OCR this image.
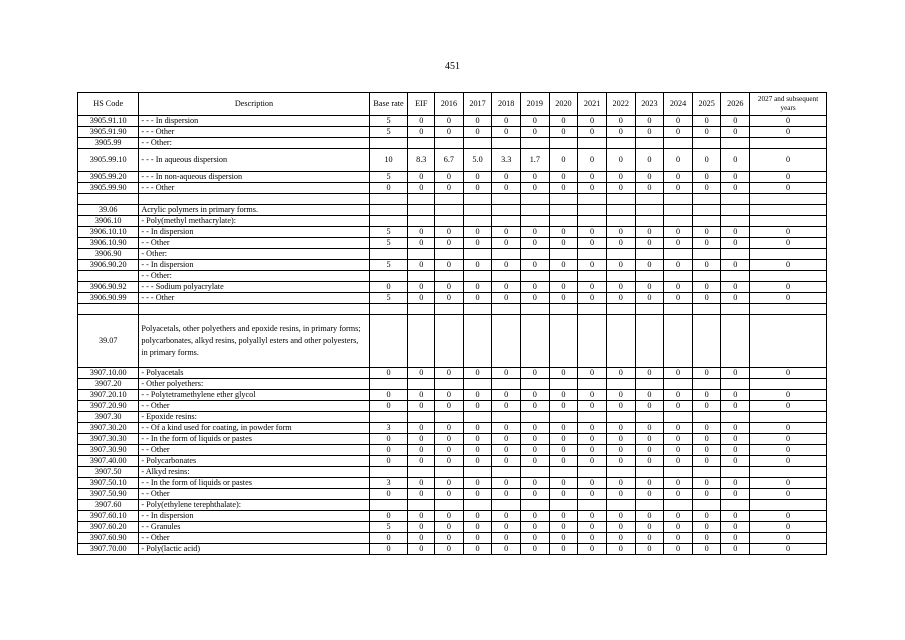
451
HS Code	Description	Base rate	EIF	2016	2017	2018	2019	2020	2021	2022	2023	2024	2025	2026	2027 and subsequent years
3905.91.10	- - - In dispersion	5	0	0	0	0	0	0	0	0	0	0	0	0	0
3905.91.90	- - - Other	5	0	0	0	0	0	0	0	0	0	0	0	0	0
3905.99	- - Other:														
3905.99.10	- - - In aqueous dispersion	10	8.3	6.7	5.0	3.3	1.7	0	0	0	0	0	0	0	0
3905.99.20	- - - In non-aqueous dispersion	5	0	0	0	0	0	0	0	0	0	0	0	0	0
3905.99.90	- - - Other	0	0	0	0	0	0	0	0	0	0	0	0	0	0

39.06	Acrylic polymers in primary forms.														
3906.10	- Poly(methyl methacrylate):														
3906.10.10	- - In dispersion	5	0	0	0	0	0	0	0	0	0	0	0	0	0
3906.10.90	- - Other	5	0	0	0	0	0	0	0	0	0	0	0	0	0
3906.90	- Other:														
3906.90.20	- - In dispersion	5	0	0	0	0	0	0	0	0	0	0	0	0	0
	- - Other:														
3906.90.92	- - - Sodium polyacrylate	0	0	0	0	0	0	0	0	0	0	0	0	0	0
3906.90.99	- - - Other	5	0	0	0	0	0	0	0	0	0	0	0	0	0

39.07	Polyacetals, other polyethers and epoxide resins, in primary forms; polycarbonates, alkyd resins, polyallyl esters and other polyesters, in primary forms.														
3907.10.00	- Polyacetals	0	0	0	0	0	0	0	0	0	0	0	0	0	0
3907.20	- Other polyethers:														
3907.20.10	- - Polytetramethylene ether glycol	0	0	0	0	0	0	0	0	0	0	0	0	0	0
3907.20.90	- - Other	0	0	0	0	0	0	0	0	0	0	0	0	0	0
3907.30	- Epoxide resins:														
3907.30.20	- - Of a kind used for coating, in powder form	3	0	0	0	0	0	0	0	0	0	0	0	0	0
3907.30.30	- - In the form of liquids or pastes	0	0	0	0	0	0	0	0	0	0	0	0	0	0
3907.30.90	- - Other	0	0	0	0	0	0	0	0	0	0	0	0	0	0
3907.40.00	- Polycarbonates	0	0	0	0	0	0	0	0	0	0	0	0	0	0
3907.50	- Alkyd resins:														
3907.50.10	- - In the form of liquids or pastes	3	0	0	0	0	0	0	0	0	0	0	0	0	0
3907.50.90	- - Other	0	0	0	0	0	0	0	0	0	0	0	0	0	0
3907.60	- Poly(ethylene terephthalate):														
3907.60.10	- - In dispersion	0	0	0	0	0	0	0	0	0	0	0	0	0	0
3907.60.20	- - Granules	5	0	0	0	0	0	0	0	0	0	0	0	0	0
3907.60.90	- - Other	0	0	0	0	0	0	0	0	0	0	0	0	0	0
3907.70.00	- Poly(lactic acid)	0	0	0	0	0	0	0	0	0	0	0	0	0	0
